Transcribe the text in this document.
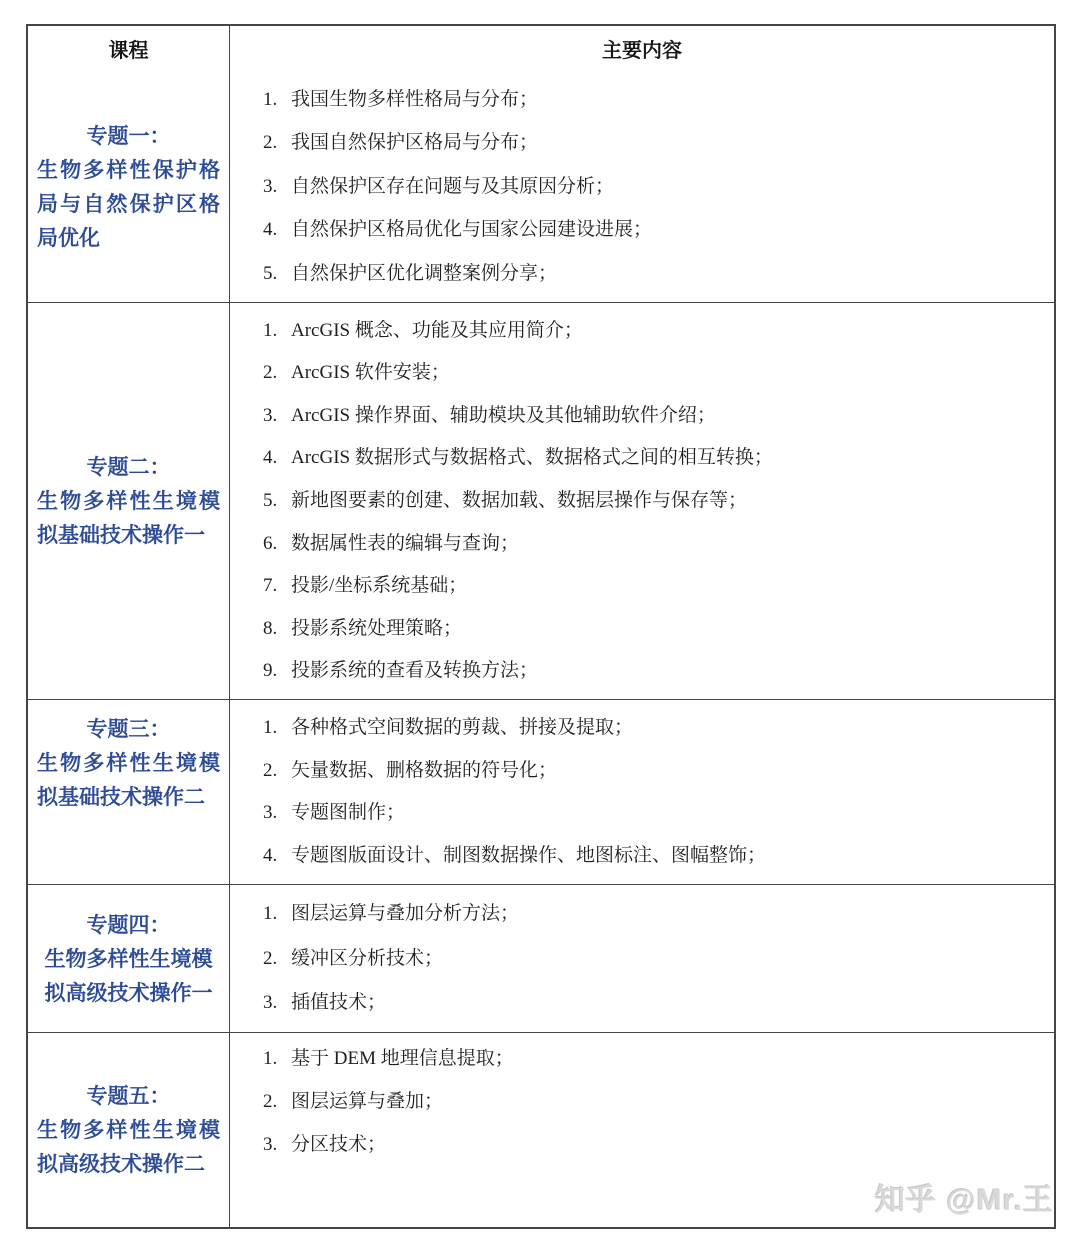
课程	主要内容
专题一：
生物多样性保护格局与自然保护区格局优化
1. 我国生物多样性格局与分布；
2. 我国自然保护区格局与分布；
3. 自然保护区存在问题与及其原因分析；
4. 自然保护区格局优化与国家公园建设进展；
5. 自然保护区优化调整案例分享；
专题二：
生物多样性生境模拟基础技术操作一
1. ArcGIS 概念、功能及其应用简介；
2. ArcGIS 软件安装；
3. ArcGIS 操作界面、辅助模块及其他辅助软件介绍；
4. ArcGIS 数据形式与数据格式、数据格式之间的相互转换；
5. 新地图要素的创建、数据加载、数据层操作与保存等；
6. 数据属性表的编辑与查询；
7. 投影/坐标系统基础；
8. 投影系统处理策略；
9. 投影系统的查看及转换方法；
专题三：
生物多样性生境模拟基础技术操作二
1. 各种格式空间数据的剪裁、拼接及提取；
2. 矢量数据、删格数据的符号化；
3. 专题图制作；
4. 专题图版面设计、制图数据操作、地图标注、图幅整饰；
专题四：
生物多样性生境模拟高级技术操作一
1. 图层运算与叠加分析方法；
2. 缓冲区分析技术；
3. 插值技术；
专题五：
生物多样性生境模拟高级技术操作二
1. 基于 DEM 地理信息提取；
2. 图层运算与叠加；
3. 分区技术；
知乎 @Mr.王
